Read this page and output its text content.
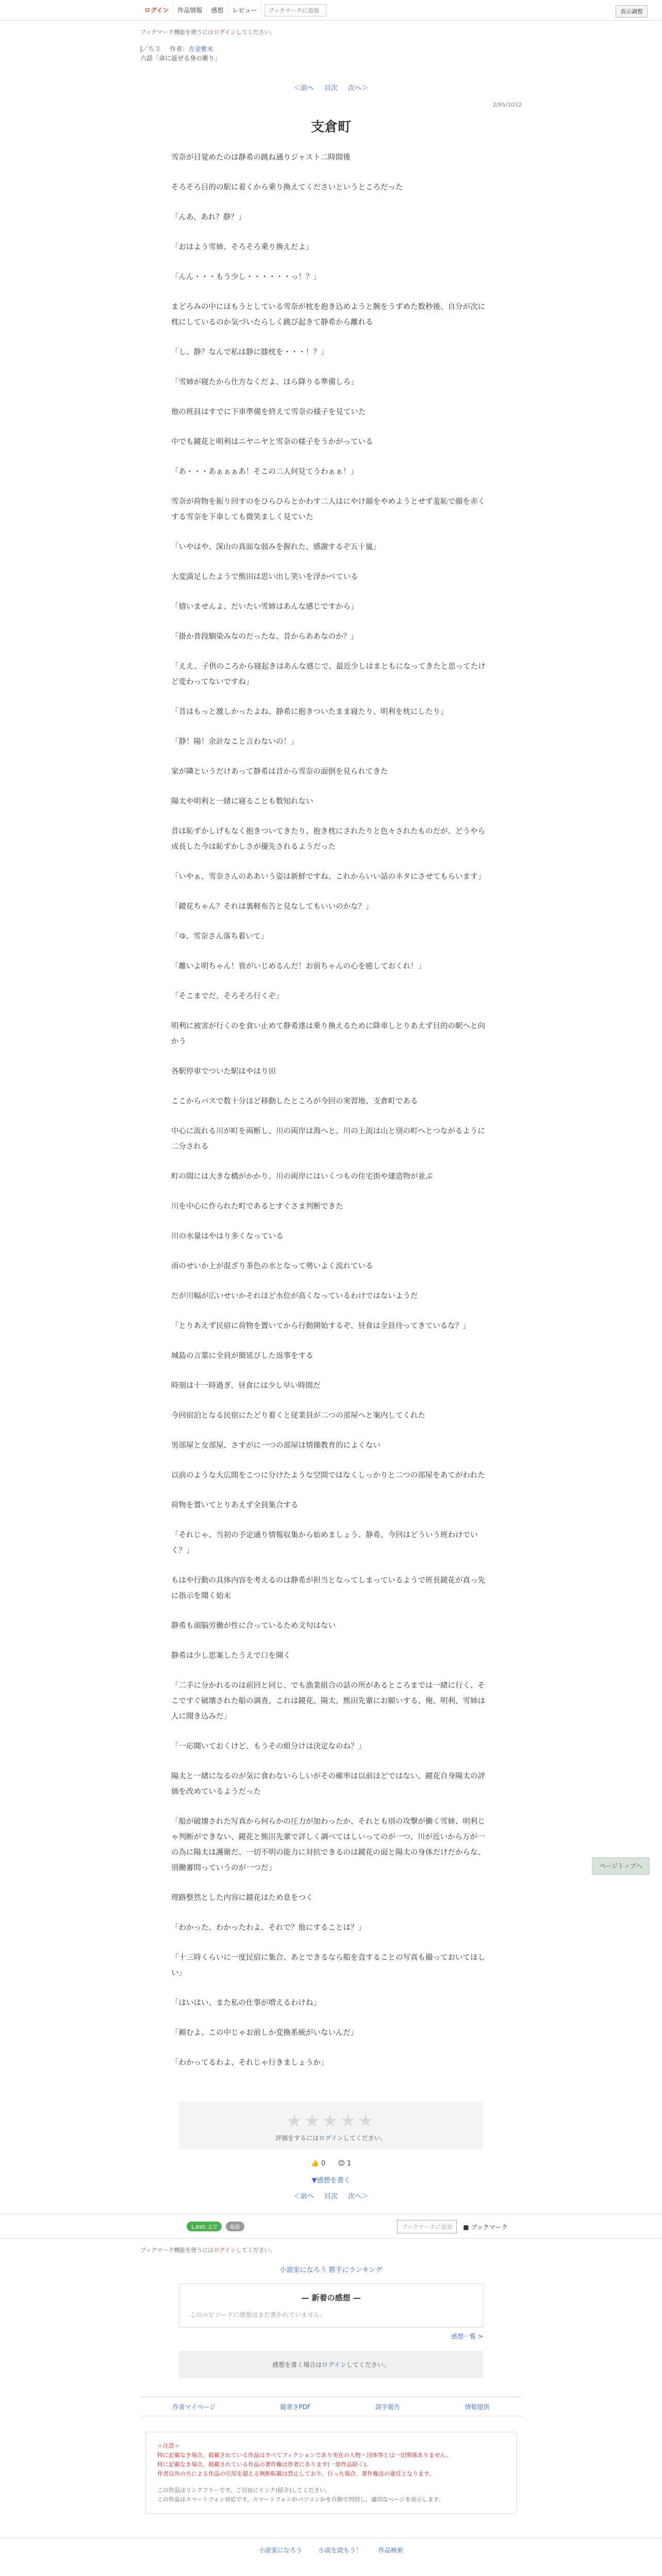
ログイン 作品情報 感想 レビュー
ブックマークに追加	表示調整
ブックマーク機能を使うにはログインしてください。
J／ち３ 作者：吉金雅未
六話「命に返ぜる身の衝り」
＜前へ 目次 次へ＞
2/95/1032
支倉町

雪奈が目覚めたのは静希の跳ね通りジャスト二時間後

そろそろ目的の駅に着くから乗り換えてくださいというところだった

「んあ、あれ？静？」

「おはよう雪姉、そろそろ乗り換えだよ」

「んん・・・もう少し・・・・・・っ！？」

まどろみの中にほもうとしている雪奈が枕を抱き込めようと腕をうずめた数秒後、自分が次に枕にしているのか気づいたらしく跳び起きて静希から離れる

「し、静？なんで私は静に膝枕を・・・！？」

「雪姉が寝たから仕方なくだよ、ほら降りる準備しろ」

他の班員はすでに下車準備を終えて雪奈の様子を見ていた

中でも鏡花と明利はニヤニヤと雪奈の様子をうかがっている

「あ・・・あぁぁぁあ！そこの二人何見てうわぁぁ！」

雪奈が荷物を振り回すのをひらひらとかわす二人はにやけ顔をやめようとせず羞恥で顔を赤くする雪奈を下車しても微笑ましく見ていた

「いやはや、深山の真面な弱みを握れた、感謝するぞ五十嵐」

大変満足したようで熊田は思い出し笑いを浮かべている

「嬉いませんよ、だいたい雪姉はあんな感じですから」

「掛か普段馴染みなのだったな、昔からああなのか？」

「ええ、子供のころから寝起きはあんな感じで、最近少しはまともになってきたと思ってたけど変わってないですね」

「昔はもっと激しかったよね、静希に抱きついたまま寝たり、明利を枕にしたり」

「静！陽！余計なこと言わないの！」

家が隣というだけあって静希は昔から雪奈の面倒を見られてきた

陽太や明利と一緒に寝ることも数知れない

昔は恥ずかしげもなく抱きついてきたり、抱き枕にされたりと色々されたものだが、どうやら成長した今は恥ずかしさが優先されるようだった

「いやぁ、雪奈さんのああいう姿は新鮮ですね、これからいい話のネタにさせてもらいます」

「鏡花ちゃん？それは裏軽布告と見なしてもいいのかな？」

「ゆ、雪奈さん落ち着いて」

「離いよ明ちゃん！皆がいじめるんだ！お前ちゃんの心を癒しておくれ！」

「そこまでだ、そろそろ行くぞ」

明利に被害が行くのを食い止めて静希達は乗り換えるために降車しとりあえず目的の駅へと向かう

各駅停車でついた駅はやはり田

ここからバスで数十分ほど移動したところが今回の実習地、支倉町である

中心に流れる川が町を両断し、川の両岸は海へと、川の上流は山と別の町へとつながるように二分される

町の間には大きな橋がかかり、川の両岸にはいくつもの住宅街や建造物が並ぶ

川を中心に作られた町であるとすぐさま判断できた

川の水量はやはり多くなっている

雨のせいか上が混ざり茶色の水となって勢いよく流れている

だが川幅が広いせいかそれほど水位が高くなっているわけではないようだ

「とりあえず民宿に荷物を置いてから行動開始するぞ、昼食は全員待ってきているな？」

城島の言葉に全員が簡延びした返事をする

時刻は十一時過ぎ、昼食には少し早い時間だ

今回宿泊となる民宿にたどり着くと従業員が二つの部屋へと案内してくれた

男部屋と女部屋、さすがに一つの部屋は情操教育的によくない

以前のような大広間をこつに分けたような空間ではなくしっかりと二つの部屋をあてがわれた

荷物を置いてとりあえず全員集合する

「それじゃ、当初の予定通り情報収集から始めましょう、静希、今回はどういう班わけでいく？」

もはや行動の具体内容を考えるのは静希が担当となってしまっているようで班長鏡花が真っ先に指示を聞く始末

静希も頭脳労働が性に合っているため文句はない

静希は少し思案したうえで口を開く

「二手に分かれるのは前回と同じ、でも漁業組合の話の所があるところまでは一緒に行く、そこですぐ破壊された船の調査、これは鏡花、陽太、熊田先輩にお願いする、俺、明利、雪姉は人に聞き込みだ」

「一応聞いておくけど、もうその組分けは決定なのね？」

陽太と一緒になるのが気に食わないらしいがその確率は以前ほどではない。鏡花自身陽太の評価を改めているようだった

「船が破壊された写真から何らかの圧力が加わったか、それとも別の攻撃が働く雪姉、明利じゃ判断ができない、鏡花と熊田先輩で詳しく調べてはしいってのが一つ、川が近いから万が一の為に陽太は護衛だ、一切不明の能力に対抗できるのは鏡花の面と陽太の身体だけだからな、別働審問っていうのが一つだ」

理路整然とした内容に鏡花はため息をつく

「わかった、わかったわよ、それで？他にすることは？」

「十三時くらいに一度民宿に集合、あとできるなら船を直することの写真も撮っておいてほしい」

「はいはい、また私の仕事が増えるわけね」

「頼むよ、この中じゃお前しか変換系統がいないんだ」

「わかってるわよ、それじゃ行きましょうか」

★★★★★
評価をするにはログインしてください。
👍 0 😊 1
▼感想を書く
＜前へ 目次 次へ＞
ページトップへ
1,895 文字	最新	ブックマークに追加	■ ブックマーク
ブックマーク機能を使うにはログインしてください。
小説家になろう 勝手にランキング
— 新着の感想 —
このエピソードに感想はまだ書かれていません。
感想一覧 >
感想を書く場合はログインしてください。
作者マイページ	縦書きPDF	誤字報告	情報提供
＋注意＋
特に記載なき場合、掲載されている作品はすべてフィクションであり実在の人物・団体等とは一切関係ありません。
特に記載なき場合、掲載されている作品の著作権は作者にあります(一部作品除く)。
作者以外の方による作品の引用を超える無断転載は禁止しており、行った場合、著作権法の違反となります。
この作品はリンクフリーです。ご自由にリンク(紹介)してください。
この作品はスマートフォン対応です。スマートフォンかパソコンかを自動で判別し、適切なページを表示します。
小説家になろう	小説を読もう！	作品検索
